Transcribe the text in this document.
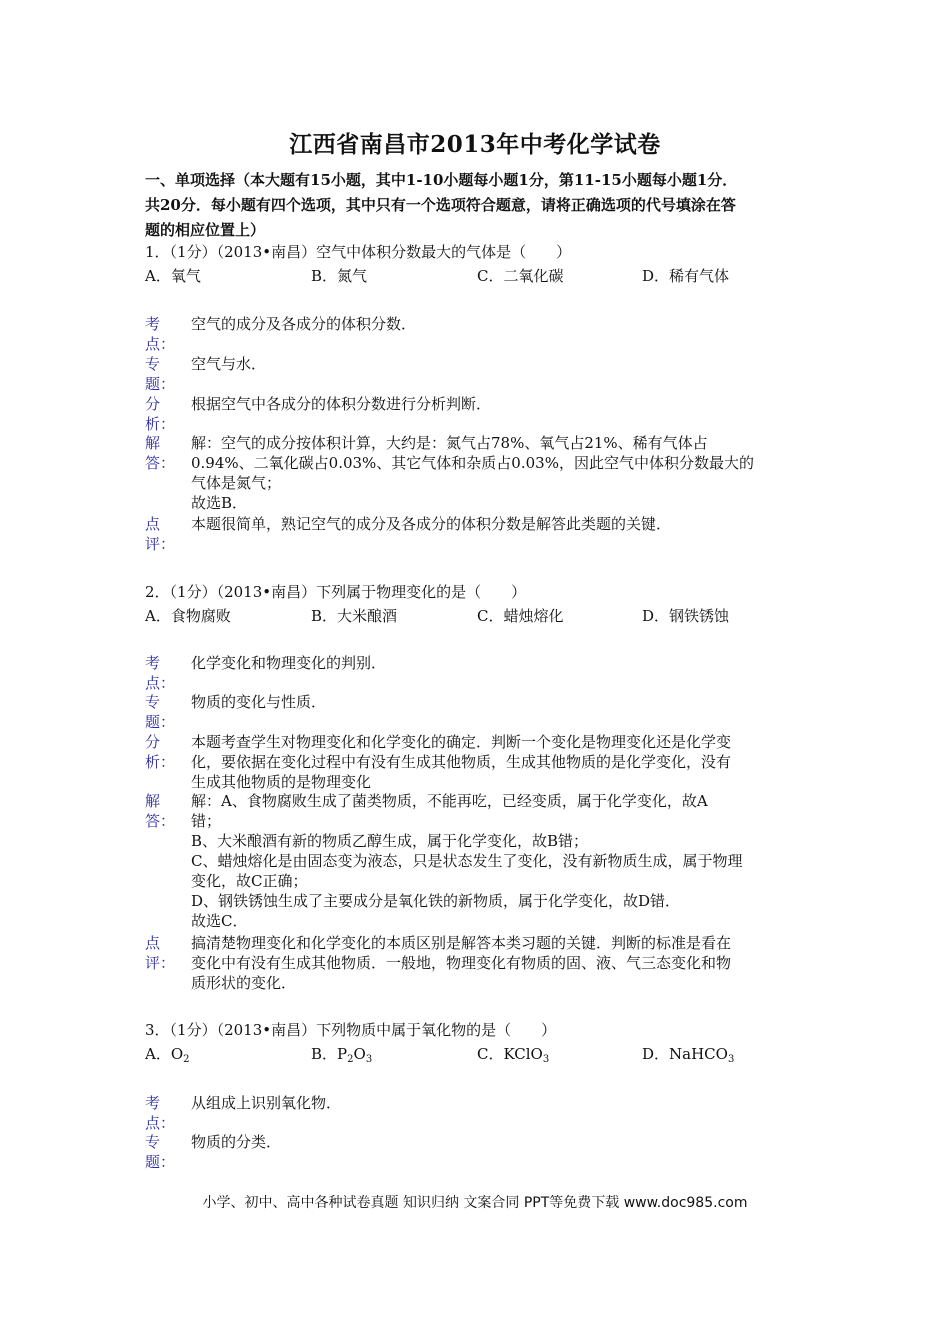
江西省南昌市2013年中考化学试卷
一、单项选择（本大题有15小题，其中1-10小题每小题1分，第11-15小题每小题1分．
共20分．每小题有四个选项，其中只有一个选项符合题意，请将正确选项的代号填涂在答
题的相应位置上）
1．（1分）（2013•南昌）空气中体积分数最大的气体是（　　）
A．氧气	B．氮气	C．二氧化碳	D．稀有气体
考
点：
空气的成分及各成分的体积分数．
专
题：
空气与水．
分
析：
根据空气中各成分的体积分数进行分析判断．
解
答：
解：空气的成分按体积计算，大约是：氮气占78%、氧气占21%、稀有气体占
0.94%、二氧化碳占0.03%、其它气体和杂质占0.03%，因此空气中体积分数最大的
气体是氮气；
故选B．
点
评：
本题很简单，熟记空气的成分及各成分的体积分数是解答此类题的关键．
2．（1分）（2013•南昌）下列属于物理变化的是（　　）
A．食物腐败	B．大米酿酒	C．蜡烛熔化	D．钢铁锈蚀
考
点：
化学变化和物理变化的判别．
专
题：
物质的变化与性质．
分
析：
本题考查学生对物理变化和化学变化的确定．判断一个变化是物理变化还是化学变
化，要依据在变化过程中有没有生成其他物质，生成其他物质的是化学变化，没有
生成其他物质的是物理变化
解
答：
解：A、食物腐败生成了菌类物质，不能再吃，已经变质，属于化学变化，故A
错；
B、大米酿酒有新的物质乙醇生成，属于化学变化，故B错；
C、蜡烛熔化是由固态变为液态，只是状态发生了变化，没有新物质生成，属于物理
变化，故C正确；
D、钢铁锈蚀生成了主要成分是氧化铁的新物质，属于化学变化，故D错．
故选C．
点
评：
搞清楚物理变化和化学变化的本质区别是解答本类习题的关键．判断的标准是看在
变化中有没有生成其他物质．一般地，物理变化有物质的固、液、气三态变化和物
质形状的变化．
3．（1分）（2013•南昌）下列物质中属于氧化物的是（　　）
A．$O_2$	B．$P_2O_3$	C．KClO$_3$	D．NaHCO$_3$
考
点：
从组成上识别氧化物．
专
题：
物质的分类．
小学、初中、高中各种试卷真题 知识归纳 文案合同 PPT等免费下载 www.doc985.com
